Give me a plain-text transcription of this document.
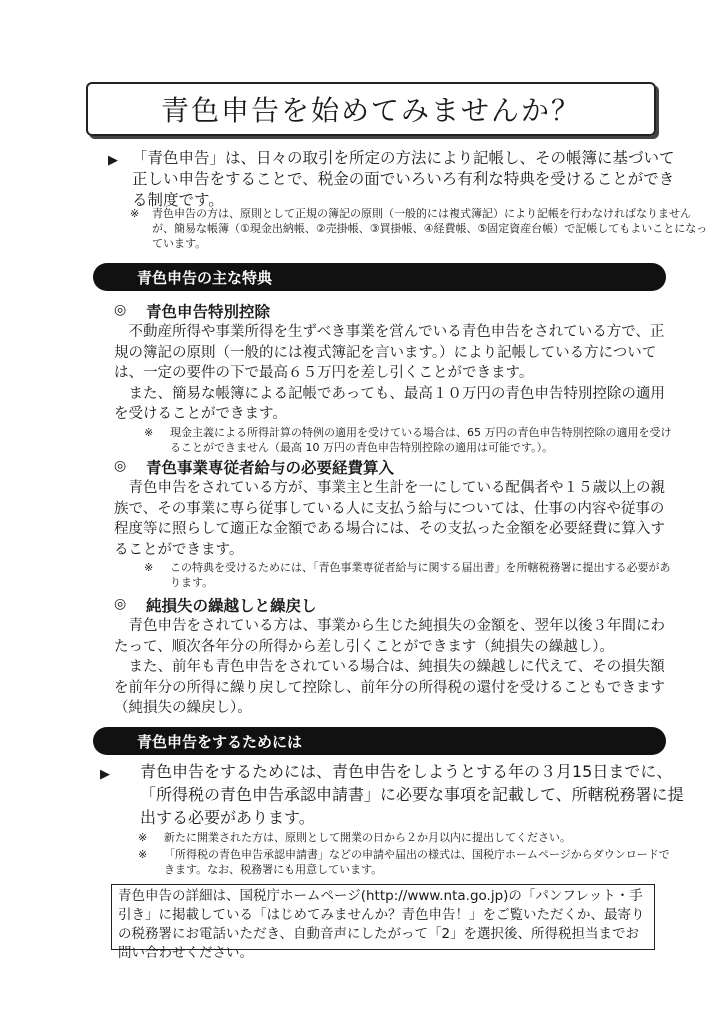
青色申告を始めてみませんか？
▶ 「青色申告」は、日々の取引を所定の方法により記帳し、その帳簿に基づいて正しい申告をすることで、税金の面でいろいろ有利な特典を受けることができる制度です。
※ 青色申告の方は、原則として正規の簿記の原則（一般的には複式簿記）により記帳を行わなければなりませんが、簡易な帳簿（①現金出納帳、②売掛帳、③買掛帳、④経費帳、⑤固定資産台帳）で記帳してもよいことになっています。
青色申告の主な特典
◎ 青色申告特別控除

不動産所得や事業所得を生ずべき事業を営んでいる青色申告をされている方で、正規の簿記の原則（一般的には複式簿記を言います。）により記帳している方については、一定の要件の下で最高６５万円を差し引くことができます。

また、簡易な帳簿による記帳であっても、最高１０万円の青色申告特別控除の適用を受けることができます。

※ 現金主義による所得計算の特例の適用を受けている場合は、65 万円の青色申告特別控除の適用を受けることができません（最高 10 万円の青色申告特別控除の適用は可能です。）。
◎ 青色事業専従者給与の必要経費算入

青色申告をされている方が、事業主と生計を一にしている配偶者や１５歳以上の親族で、その事業に専ら従事している人に支払う給与については、仕事の内容や従事の程度等に照らして適正な金額である場合には、その支払った金額を必要経費に算入することができます。

※ この特典を受けるためには、「青色事業専従者給与に関する届出書」を所轄税務署に提出する必要があります。
◎ 純損失の繰越しと繰戻し

青色申告をされている方は、事業から生じた純損失の金額を、翌年以後３年間にわたって、順次各年分の所得から差し引くことができます（純損失の繰越し）。

また、前年も青色申告をされている場合は、純損失の繰越しに代えて、その損失額を前年分の所得に繰り戻して控除し、前年分の所得税の還付を受けることもできます（純損失の繰戻し）。

青色申告をするためには
▶ 青色申告をするためには、青色申告をしようとする年の３月15日までに、「所得税の青色申告承認申請書」に必要な事項を記載して、所轄税務署に提出する必要があります。
※ 新たに開業された方は、原則として開業の日から２か月以内に提出してください。
※ 「所得税の青色申告承認申請書」などの申請や届出の様式は、国税庁ホームページからダウンロードできます。なお、税務署にも用意しています。
青色申告の詳細は、国税庁ホームページ(http://www.nta.go.jp)の「パンフレット・手引き」に掲載している「はじめてみませんか？青色申告！」をご覧いただくか、最寄りの税務署にお電話いただき、自動音声にしたがって「2」を選択後、所得税担当までお問い合わせください。
